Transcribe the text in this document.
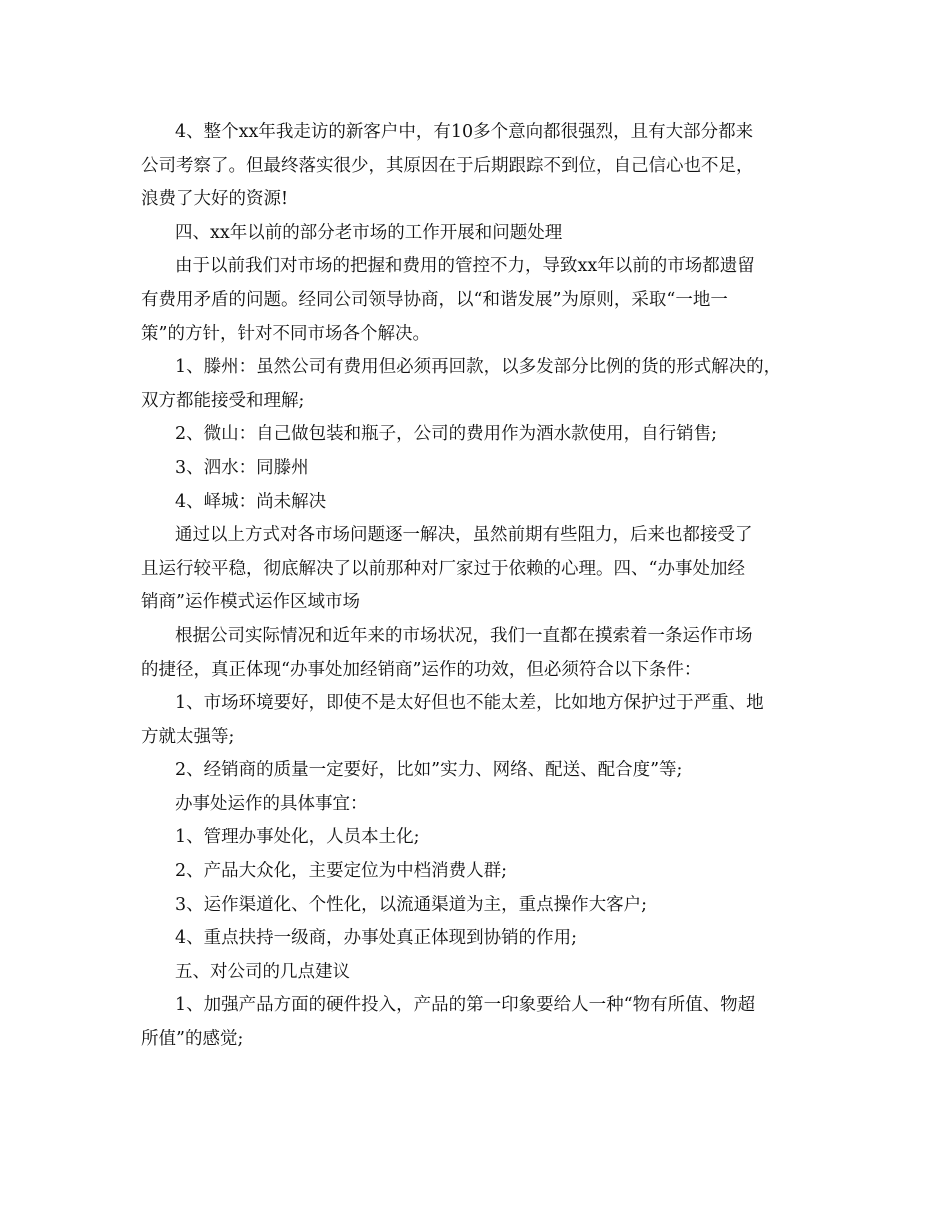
4、整个xx年我走访的新客户中，有10多个意向都很强烈，且有大部分都来
公司考察了。但最终落实很少，其原因在于后期跟踪不到位，自己信心也不足，
浪费了大好的资源!
四、xx年以前的部分老市场的工作开展和问题处理
由于以前我们对市场的把握和费用的管控不力，导致xx年以前的市场都遗留
有费用矛盾的问题。经同公司领导协商，以“和谐发展”为原则，采取“一地一
策”的方针，针对不同市场各个解决。
1、滕州：虽然公司有费用但必须再回款，以多发部分比例的货的形式解决的，
双方都能接受和理解;
2、微山：自己做包装和瓶子，公司的费用作为酒水款使用，自行销售;
3、泗水：同滕州
4、峄城：尚未解决
通过以上方式对各市场问题逐一解决，虽然前期有些阻力，后来也都接受了
且运行较平稳，彻底解决了以前那种对厂家过于依赖的心理。四、“办事处加经
销商”运作模式运作区域市场
根据公司实际情况和近年来的市场状况，我们一直都在摸索着一条运作市场
的捷径，真正体现“办事处加经销商”运作的功效，但必须符合以下条件：
1、市场环境要好，即使不是太好但也不能太差，比如地方保护过于严重、地
方就太强等;
2、经销商的质量一定要好，比如”实力、网络、配送、配合度”等;
办事处运作的具体事宜：
1、管理办事处化，人员本土化;
2、产品大众化，主要定位为中档消费人群;
3、运作渠道化、个性化，以流通渠道为主，重点操作大客户;
4、重点扶持一级商，办事处真正体现到协销的作用;
五、对公司的几点建议
1、加强产品方面的硬件投入，产品的第一印象要给人一种“物有所值、物超
所值”的感觉;
